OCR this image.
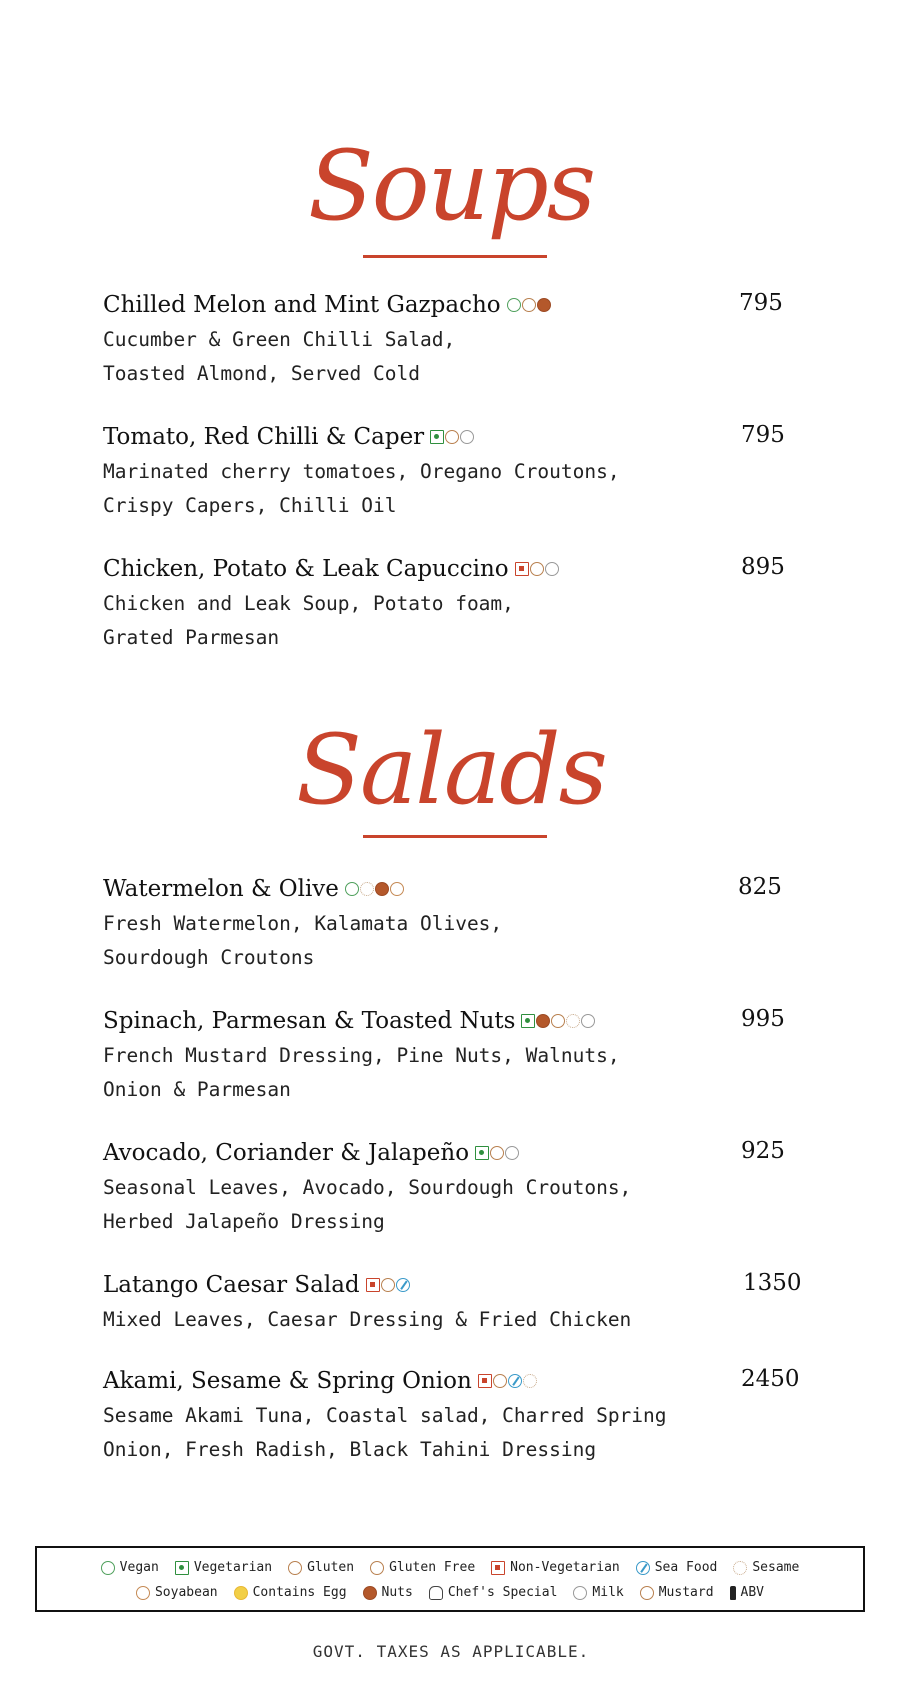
Soups
Chilled Melon and Mint Gazpacho
Cucumber & Green Chilli Salad,
Toasted Almond, Served Cold
795
Tomato, Red Chilli & Caper
Marinated cherry tomatoes, Oregano Croutons,
Crispy Capers, Chilli Oil
795
Chicken, Potato & Leak Capuccino
Chicken and Leak Soup, Potato foam,
Grated Parmesan
895
Salads
Watermelon & Olive
Fresh Watermelon, Kalamata Olives,
Sourdough Croutons
825
Spinach, Parmesan & Toasted Nuts
French Mustard Dressing, Pine Nuts, Walnuts,
Onion & Parmesan
995
Avocado, Coriander & Jalapeño
Seasonal Leaves, Avocado, Sourdough Croutons,
Herbed Jalapeño Dressing
925
Latango Caesar Salad
Mixed Leaves, Caesar Dressing & Fried Chicken
1350
Akami, Sesame & Spring Onion
Sesame Akami Tuna, Coastal salad, Charred Spring
Onion, Fresh Radish, Black Tahini Dressing
2450
Vegan	Vegetarian	Gluten	Gluten Free	Non-Vegetarian	Sea Food	Sesame
Soyabean	Contains Egg	Nuts	Chef's Special	Milk	Mustard ABV
GOVT. TAXES AS APPLICABLE.
